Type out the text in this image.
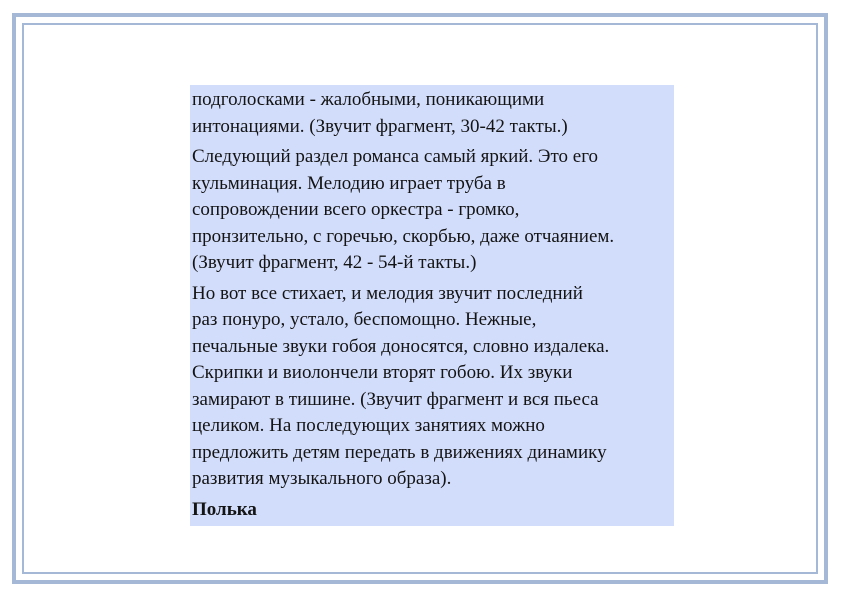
подголосками - жалобными, поникающими
интонациями. (Звучит фрагмент, 30-42 такты.)

Следующий раздел романса самый яркий. Это его
кульминация. Мелодию играет труба в
сопровождении всего оркестра - громко,
пронзительно, с горечью, скорбью, даже отчаянием.
(Звучит фрагмент, 42 - 54-й такты.)

Но вот все стихает, и мелодия звучит последний
раз понуро, устало, беспомощно. Нежные,
печальные звуки гобоя доносятся, словно издалека.
Скрипки и виолончели вторят гобою. Их звуки
замирают в тишине. (Звучит фрагмент и вся пьеса
целиком. На последующих занятиях можно
предложить детям передать в движениях динамику
развития музыкального образа).

Полька
